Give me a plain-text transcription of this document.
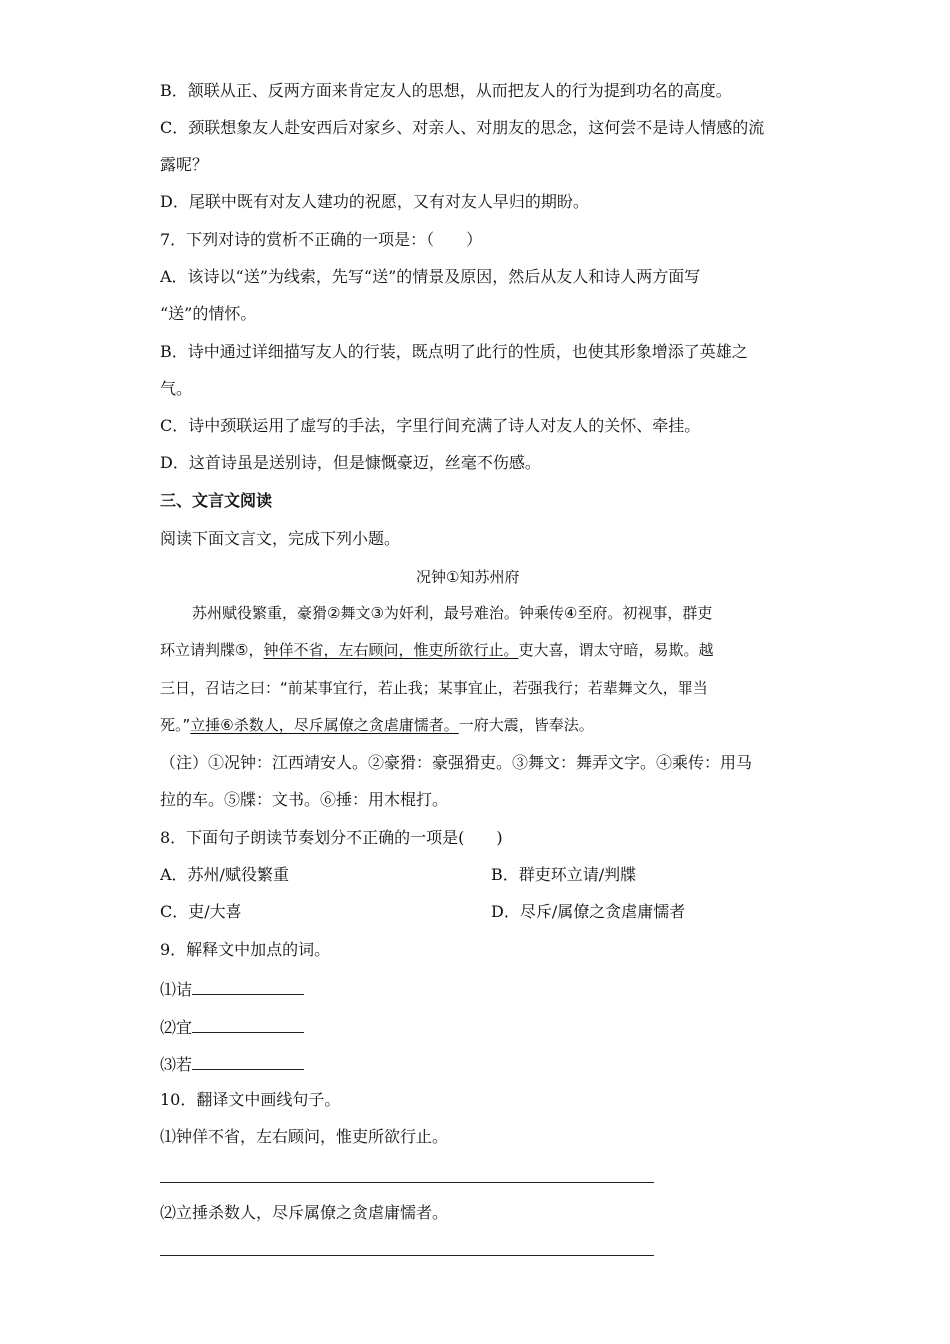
B．颔联从正、反两方面来肯定友人的思想，从而把友人的行为提到功名的高度。
C．颈联想象友人赴安西后对家乡、对亲人、对朋友的思念，这何尝不是诗人情感的流
露呢？
D．尾联中既有对友人建功的祝愿，又有对友人早归的期盼。
7．下列对诗的赏析不正确的一项是：（　　）
A．该诗以“送”为线索，先写“送”的情景及原因，然后从友人和诗人两方面写
“送”的情怀。
B．诗中通过详细描写友人的行装，既点明了此行的性质，也使其形象增添了英雄之
气。
C．诗中颈联运用了虚写的手法，字里行间充满了诗人对友人的关怀、牵挂。
D．这首诗虽是送别诗，但是慷慨豪迈，丝毫不伤感。
三、文言文阅读
阅读下面文言文，完成下列小题。
况钟①知苏州府
苏州赋役繁重，豪猾②舞文③为奸利，最号难治。钟乘传④至府。初视事，群吏
环立请判牒⑤，钟佯不省，左右顾问，惟吏所欲行止。吏大喜，谓太守暗，易欺。越
三日，召诘之曰：“前某事宜行，若止我；某事宜止，若强我行；若辈舞文久，罪当
死。”立捶⑥杀数人，尽斥属僚之贪虐庸懦者。一府大震，皆奉法。
（注）①况钟：江西靖安人。②豪猾：豪强猾吏。③舞文：舞弄文字。④乘传：用马
拉的车。⑤牒：文书。⑥捶：用木棍打。
8．下面句子朗读节奏划分不正确的一项是(　　)
A．苏州/赋役繁重	B．群吏环立请/判牒
C．吏/大喜	D．尽斥/属僚之贪虐庸懦者
9．解释文中加点的词。
⑴诘
⑵宜
⑶若
10．翻译文中画线句子。
⑴钟佯不省，左右顾问，惟吏所欲行止。
⑵立捶杀数人，尽斥属僚之贪虐庸懦者。
